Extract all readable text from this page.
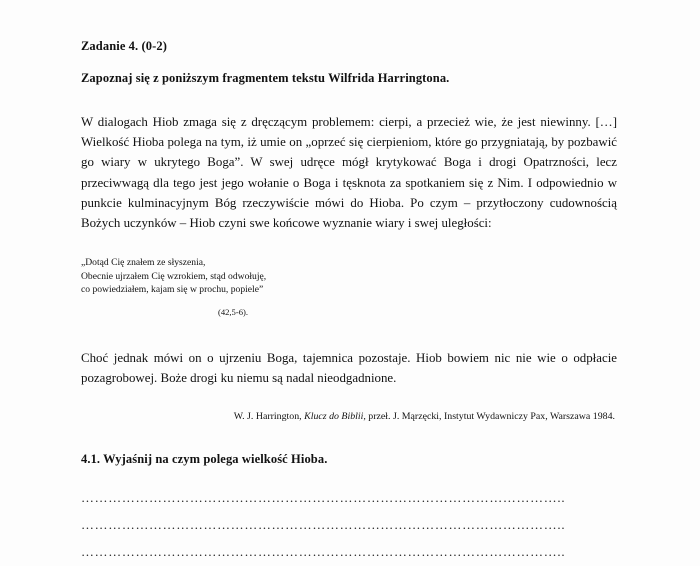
Zadanie 4. (0-2)
Zapoznaj się z poniższym fragmentem tekstu Wilfrida Harringtona.

W dialogach Hiob zmaga się z dręczącym problemem: cierpi, a przecież wie, że jest niewinny. […] Wielkość Hioba polega na tym, iż umie on „oprzeć się cierpieniom, które go przygniatają, by pozbawić go wiary w ukrytego Boga”. W swej udręce mógł krytykować Boga i drogi Opatrzności, lecz przeciwwagą dla tego jest jego wołanie o Boga i tęsknota za spotkaniem się z Nim. I odpowiednio w punkcie kulminacyjnym Bóg rzeczywiście mówi do Hioba. Po czym – przytłoczony cudownością Bożych uczynków – Hiob czyni swe końcowe wyznanie wiary i swej uległości:

„Dotąd Cię znałem ze słyszenia,
Obecnie ujrzałem Cię wzrokiem, stąd odwołuję,
co powiedziałem, kajam się w prochu, popiele”
(42,5-6).

Choć jednak mówi on o ujrzeniu Boga, tajemnica pozostaje. Hiob bowiem nic nie wie o odpłacie pozagrobowej. Boże drogi ku niemu są nadal nieodgadnione.

W. J. Harrington, Klucz do Biblii, przeł. J. Mąrzęcki, Instytut Wydawniczy Pax, Warszawa 1984.
4.1. Wyjaśnij na czym polega wielkość Hioba.
……………………………………………………………………………………………..
……………………………………………………………………………………………..
……………………………………………………………………………………………..
